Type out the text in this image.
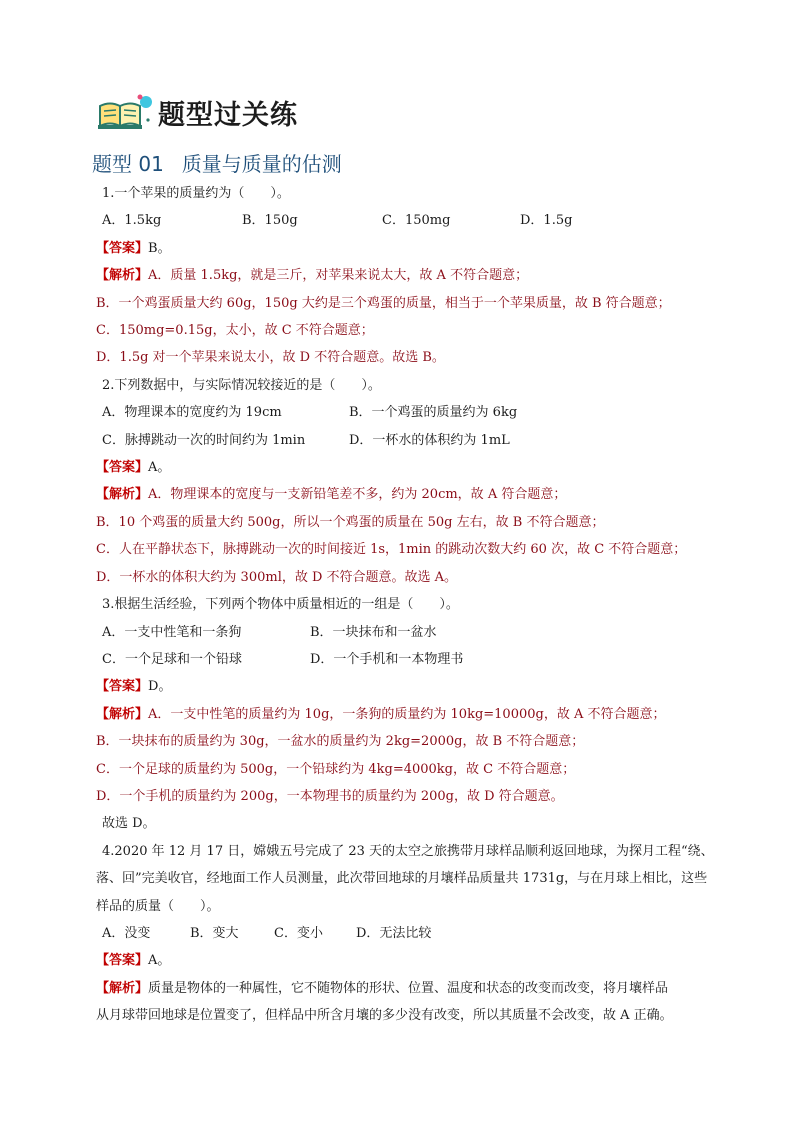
题型过关练
题型 01 质量与质量的估测
1.一个苹果的质量约为（　　）。
A．1.5kg	B．150g	C．150mg	D．1.5g
【答案】B。
【解析】A．质量 1.5kg，就是三斤，对苹果来说太大，故 A 不符合题意；
B．一个鸡蛋质量大约 60g，150g 大约是三个鸡蛋的质量，相当于一个苹果质量，故 B 符合题意；
C．150mg=0.15g，太小，故 C 不符合题意；
D．1.5g 对一个苹果来说太小，故 D 不符合题意。故选 B。
2.下列数据中，与实际情况较接近的是（　　）。
A．物理课本的宽度约为 19cm	B．一个鸡蛋的质量约为 6kg
C．脉搏跳动一次的时间约为 1min	D．一杯水的体积约为 1mL
【答案】A。
【解析】A．物理课本的宽度与一支新铅笔差不多，约为 20cm，故 A 符合题意；
B．10 个鸡蛋的质量大约 500g，所以一个鸡蛋的质量在 50g 左右，故 B 不符合题意；
C．人在平静状态下，脉搏跳动一次的时间接近 1s，1min 的跳动次数大约 60 次，故 C 不符合题意；
D．一杯水的体积大约为 300ml，故 D 不符合题意。故选 A。
3.根据生活经验，下列两个物体中质量相近的一组是（　　）。
A．一支中性笔和一条狗	B．一块抹布和一盆水
C．一个足球和一个铅球	D．一个手机和一本物理书
【答案】D。
【解析】A．一支中性笔的质量约为 10g，一条狗的质量约为 10kg=10000g，故 A 不符合题意；
B．一块抹布的质量约为 30g，一盆水的质量约为 2kg=2000g，故 B 不符合题意；
C．一个足球的质量约为 500g，一个铅球约为 4kg=4000kg，故 C 不符合题意；
D．一个手机的质量约为 200g，一本物理书的质量约为 200g，故 D 符合题意。
故选 D。
4.2020 年 12 月 17 日，嫦娥五号完成了 23 天的太空之旅携带月球样品顺利返回地球，为探月工程“绕、
落、回”完美收官，经地面工作人员测量，此次带回地球的月壤样品质量共 1731g，与在月球上相比，这些
样品的质量（　　）。
A．没变	B．变大	C．变小	D．无法比较
【答案】A。
【解析】质量是物体的一种属性，它不随物体的形状、位置、温度和状态的改变而改变，将月壤样品
从月球带回地球是位置变了，但样品中所含月壤的多少没有改变，所以其质量不会改变，故 A 正确。
